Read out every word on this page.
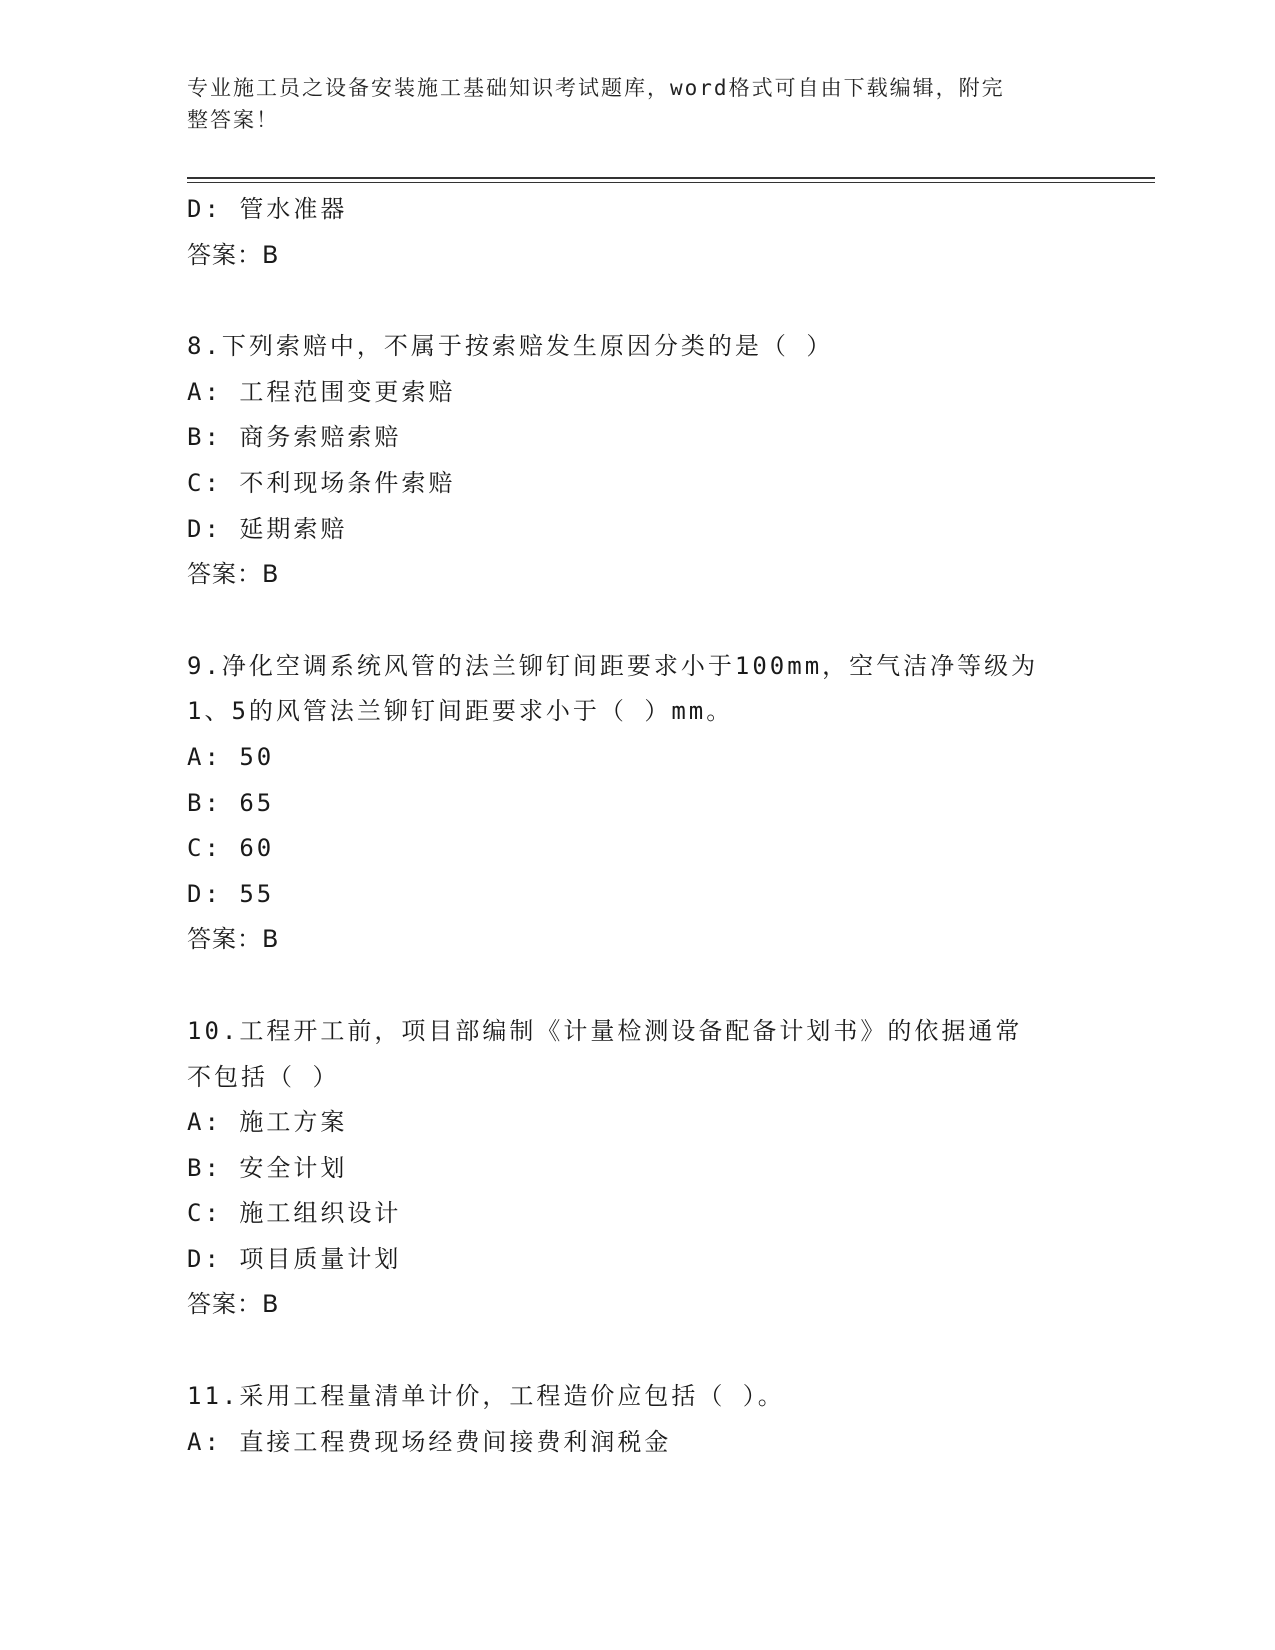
专业施工员之设备安装施工基础知识考试题库，word格式可自由下载编辑，附完
整答案！
D: 管水准器
答案：B
8.下列索赔中，不属于按索赔发生原因分类的是（ ）
A: 工程范围变更索赔
B: 商务索赔索赔
C: 不利现场条件索赔
D: 延期索赔
答案：B
9.净化空调系统风管的法兰铆钉间距要求小于100mm，空气洁净等级为
1、5的风管法兰铆钉间距要求小于（ ）mm。
A: 50
B: 65
C: 60
D: 55
答案：B
10.工程开工前，项目部编制《计量检测设备配备计划书》的依据通常
不包括（ ）
A: 施工方案
B: 安全计划
C: 施工组织设计
D: 项目质量计划
答案：B
11.采用工程量清单计价，工程造价应包括（ ）。
A: 直接工程费现场经费间接费利润税金
